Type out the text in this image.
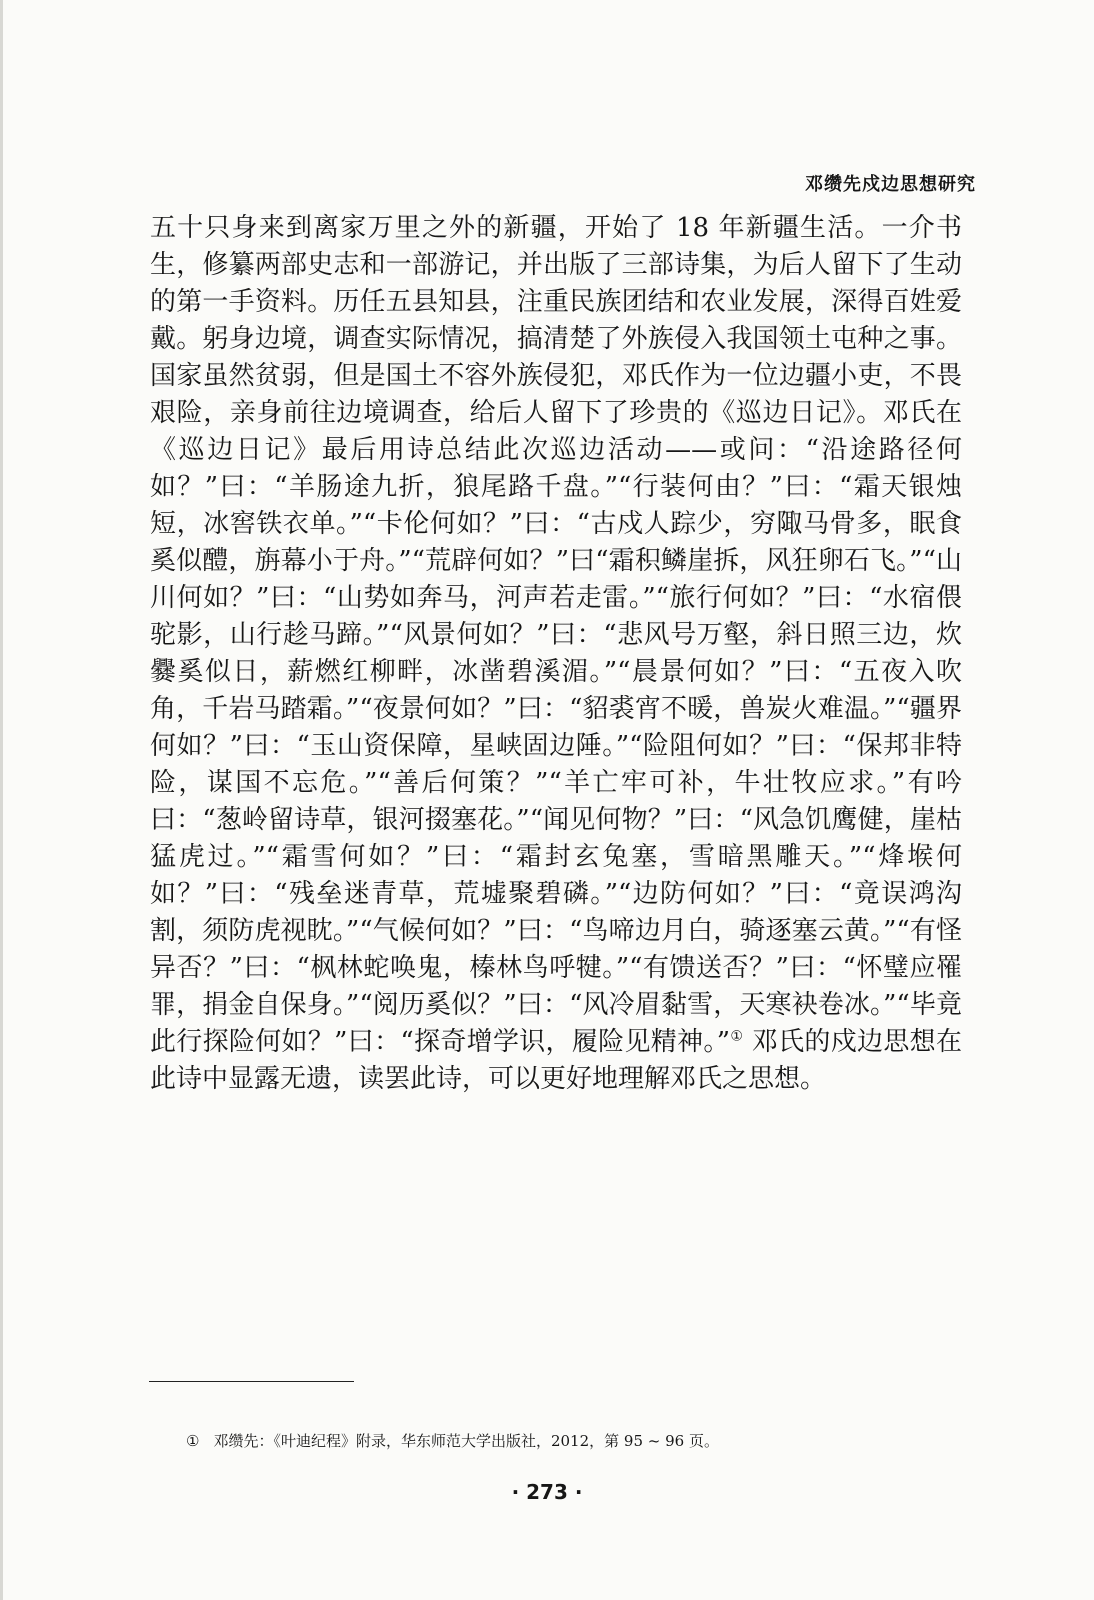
邓缵先戍边思想研究

五十只身来到离家万里之外的新疆，开始了 18 年新疆生活。一介书生，修纂两部史志和一部游记，并出版了三部诗集，为后人留下了生动的第一手资料。历任五县知县，注重民族团结和农业发展，深得百姓爱戴。躬身边境，调查实际情况，搞清楚了外族侵入我国领土屯种之事。国家虽然贫弱，但是国土不容外族侵犯，邓氏作为一位边疆小吏，不畏艰险，亲身前往边境调查，给后人留下了珍贵的《巡边日记》。邓氏在《巡边日记》最后用诗总结此次巡边活动——或问：“沿途路径何如？”曰：“羊肠途九折，狼尾路千盘。”“行装何由？”曰：“霜天银烛短，冰窖铁衣单。”“卡伦何如？”曰：“古戍人踪少，穷陬马骨多，眠食奚似醴，旃幕小于舟。”“荒辟何如？”曰“霜积鳞崖拆，风狂卵石飞。”“山川何如？”曰：“山势如奔马，河声若走雷。”“旅行何如？”曰：“水宿偎驼影，山行趁马蹄。”“风景何如？”曰：“悲风号万壑，斜日照三边，炊爨奚似日，薪燃红柳畔，冰凿碧溪湄。”“晨景何如？”曰：“五夜入吹角，千岩马踏霜。”“夜景何如？”曰：“貂裘宵不暖，兽炭火难温。”“疆界何如？”曰：“玉山资保障，星峡固边陲。”“险阻何如？”曰：“保邦非特险，谋国不忘危。”“善后何策？”“羊亡牢可补，牛壮牧应求。”有吟曰：“葱岭留诗草，银河掇塞花。”“闻见何物？”曰：“风急饥鹰健，崖枯猛虎过。”“霜雪何如？”曰：“霜封玄兔塞，雪暗黑雕天。”“烽堠何如？”曰：“残垒迷青草，荒墟聚碧磷。”“边防何如？”曰：“竟误鸿沟割，须防虎视眈。”“气候何如？”曰：“鸟啼边月白，骑逐塞云黄。”“有怪异否？”曰：“枫林蛇唤鬼，榛林鸟呼犍。”“有馈送否？”曰：“怀璧应罹罪，捐金自保身。”“阅历奚似？”曰：“风冷眉黏雪，天寒袂卷冰。”“毕竟此行探险何如？”曰：“探奇增学识，履险见精神。”① 邓氏的戍边思想在此诗中显露无遗，读罢此诗，可以更好地理解邓氏之思想。

① 邓缵先：《叶迪纪程》附录，华东师范大学出版社，2012，第 95 ~ 96 页。

· 273 ·
